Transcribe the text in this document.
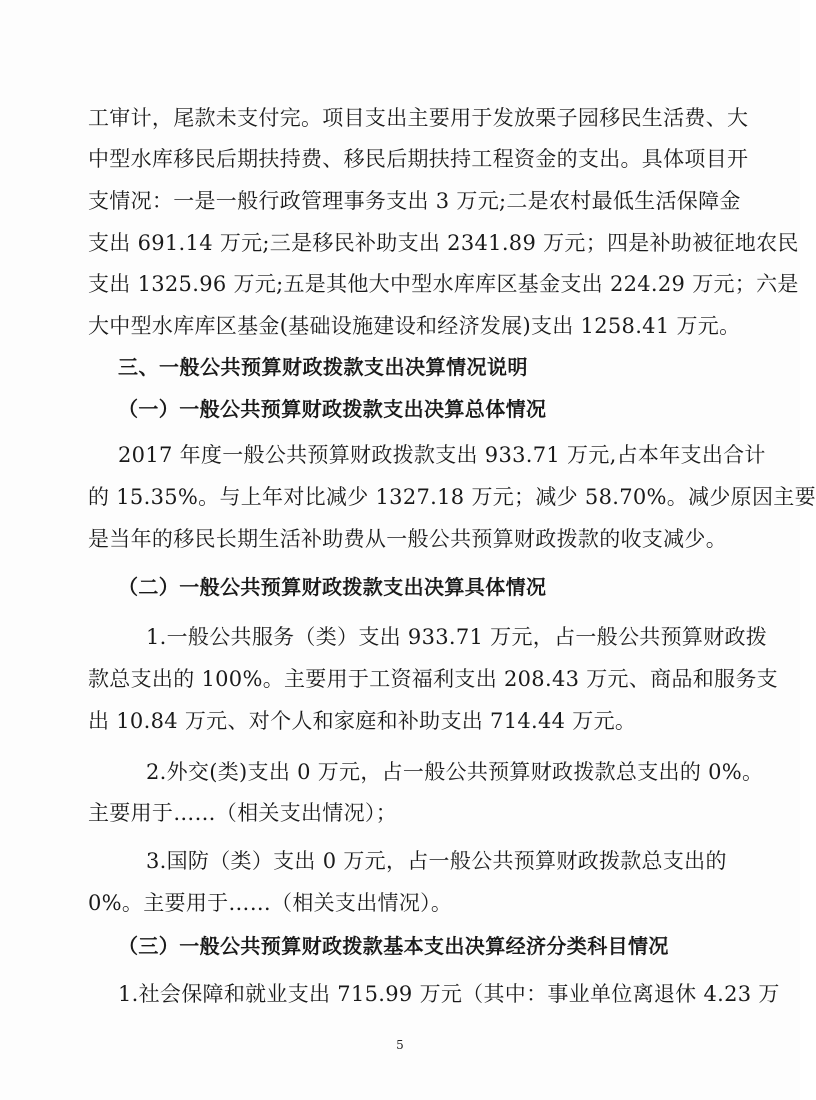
工审计，尾款未支付完。项目支出主要用于发放栗子园移民生活费、大
中型水库移民后期扶持费、移民后期扶持工程资金的支出。具体项目开
支情况：一是一般行政管理事务支出 3 万元;二是农村最低生活保障金
支出 691.14 万元;三是移民补助支出 2341.89 万元；四是补助被征地农民
支出 1325.96 万元;五是其他大中型水库库区基金支出 224.29 万元；六是
大中型水库库区基金(基础设施建设和经济发展)支出 1258.41 万元。
三、一般公共预算财政拨款支出决算情况说明
（一）一般公共预算财政拨款支出决算总体情况
2017 年度一般公共预算财政拨款支出 933.71 万元,占本年支出合计
的 15.35%。与上年对比减少 1327.18 万元；减少 58.70%。减少原因主要
是当年的移民长期生活补助费从一般公共预算财政拨款的收支减少。
（二）一般公共预算财政拨款支出决算具体情况
1.一般公共服务（类）支出 933.71 万元，占一般公共预算财政拨
款总支出的 100%。主要用于工资福利支出 208.43 万元、商品和服务支
出 10.84 万元、对个人和家庭和补助支出 714.44 万元。
2.外交(类)支出 0 万元，占一般公共预算财政拨款总支出的 0%。
主要用于……（相关支出情况）；
3.国防（类）支出 0 万元，占一般公共预算财政拨款总支出的
0%。主要用于……（相关支出情况）。
（三）一般公共预算财政拨款基本支出决算经济分类科目情况
1.社会保障和就业支出 715.99 万元（其中：事业单位离退休 4.23 万
5
